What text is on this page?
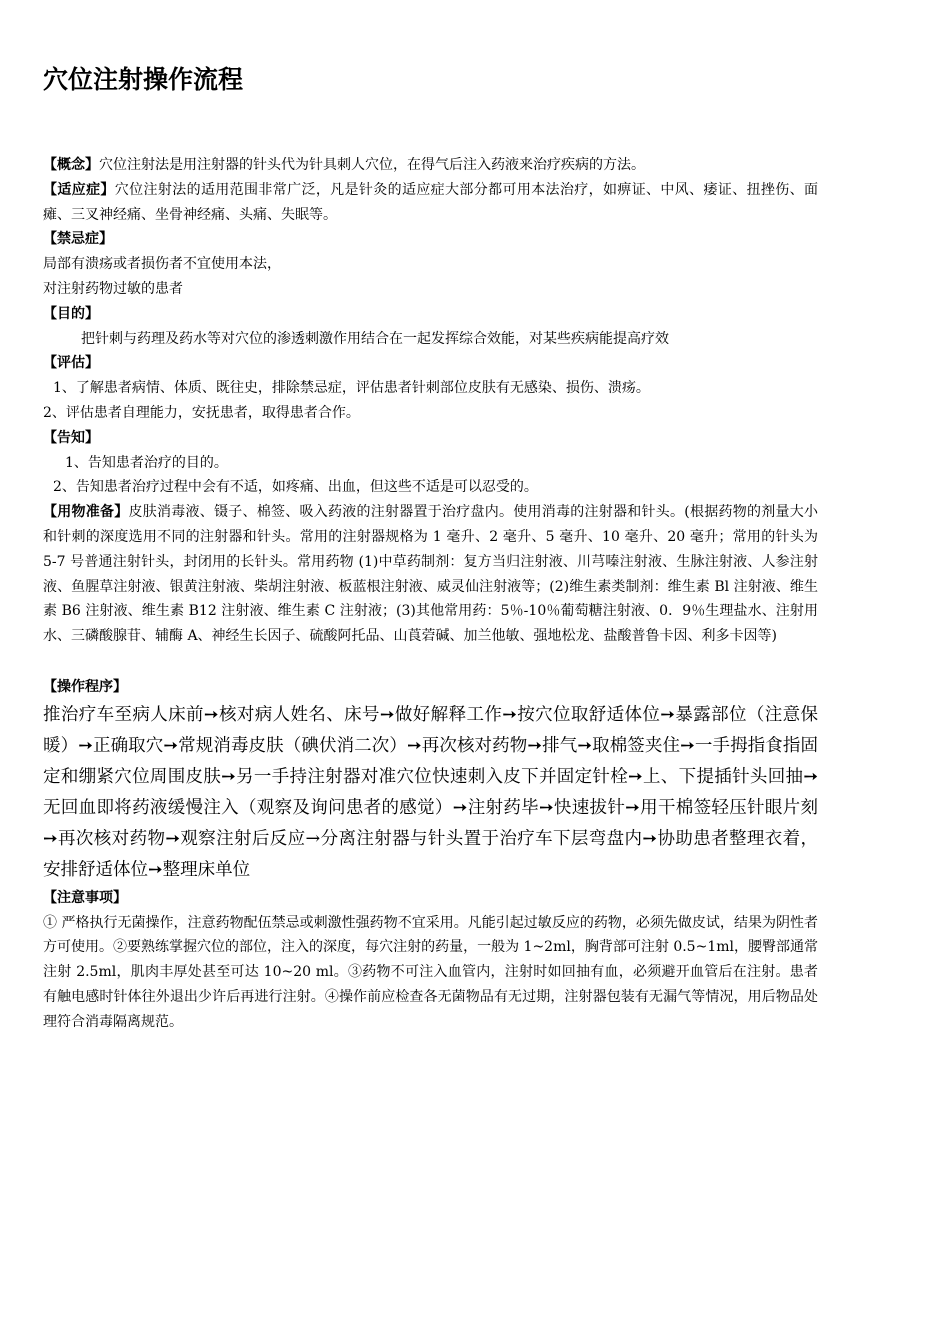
穴位注射操作流程

【概念】穴位注射法是用注射器的针头代为针具刺人穴位，在得气后注入药液来治疗疾病的方法。

【适应症】穴位注射法的适用范围非常广泛，凡是针灸的适应症大部分都可用本法治疗，如痹证、中风、痿证、扭挫伤、面瘫、三叉神经痛、坐骨神经痛、头痛、失眠等。

【禁忌症】

局部有溃疡或者损伤者不宜使用本法，

对注射药物过敏的患者

【目的】

把针刺与药理及药水等对穴位的渗透刺激作用结合在一起发挥综合效能，对某些疾病能提高疗效

【评估】

1、了解患者病情、体质、既往史，排除禁忌症，评估患者针刺部位皮肤有无感染、损伤、溃疡。

2、评估患者自理能力，安抚患者，取得患者合作。

【告知】

1、告知患者治疗的目的。

2、告知患者治疗过程中会有不适，如疼痛、出血，但这些不适是可以忍受的。

【用物准备】皮肤消毒液、镊子、棉签、吸入药液的注射器置于治疗盘内。使用消毒的注射器和针头。(根据药物的剂量大小和针刺的深度选用不同的注射器和针头。常用的注射器规格为 1 毫升、2 毫升、5 毫升、10 毫升、20 毫升；常用的针头为 5-7 号普通注射针头，封闭用的长针头。常用药物 (1)中草药制剂：复方当归注射液、川芎嗪注射液、生脉注射液、人参注射液、鱼腥草注射液、银黄注射液、柴胡注射液、板蓝根注射液、威灵仙注射液等；(2)维生素类制剂：维生素 Bl 注射液、维生素 B6 注射液、维生素 B12 注射液、维生素 C 注射液；(3)其他常用药：5％-10％葡萄糖注射液、0．9％生理盐水、注射用水、三磷酸腺苷、辅酶 A、神经生长因子、硫酸阿托品、山莨菪碱、加兰他敏、强地松龙、盐酸普鲁卡因、利多卡因等)

【操作程序】

推治疗车至病人床前➙核对病人姓名、床号➙做好解释工作➙按穴位取舒适体位➙暴露部位（注意保暖）➙正确取穴➙常规消毒皮肤（碘伏消二次）➙再次核对药物➙排气➙取棉签夹住➙一手拇指食指固定和绷紧穴位周围皮肤➙另一手持注射器对准穴位快速刺入皮下并固定针栓➙上、下提插针头回抽➙无回血即将药液缓慢注入（观察及询问患者的感觉）➙注射药毕➙快速拔针➙用干棉签轻压针眼片刻➙再次核对药物➙观察注射后反应→分离注射器与针头置于治疗车下层弯盘内➙协助患者整理衣着，安排舒适体位➙整理床单位

【注意事项】

① 严格执行无菌操作，注意药物配伍禁忌或刺激性强药物不宜采用。凡能引起过敏反应的药物，必须先做皮试，结果为阴性者方可使用。②要熟练掌握穴位的部位，注入的深度，每穴注射的药量，一般为 1~2ml，胸背部可注射 0.5~1ml，腰臀部通常注射 2.5ml，肌肉丰厚处甚至可达 10~20 ml。③药物不可注入血管内，注射时如回抽有血，必须避开血管后在注射。患者有触电感时针体往外退出少许后再进行注射。④操作前应检查各无菌物品有无过期，注射器包装有无漏气等情况，用后物品处理符合消毒隔离规范。
